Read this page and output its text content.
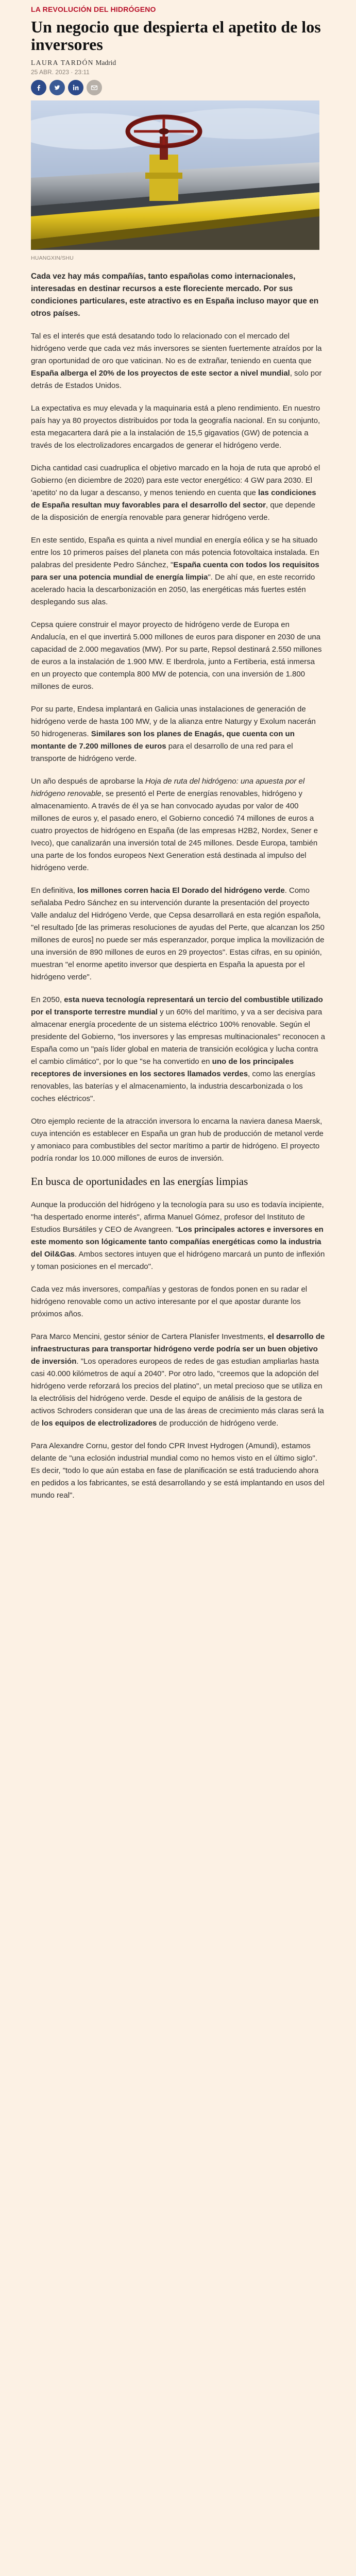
LA REVOLUCIÓN DEL HIDRÓGENO
Un negocio que despierta el apetito de los inversores
LAURA TARDÓN Madrid
25 ABR. 2023 · 23:11
HUANGXIN/SHU

Cada vez hay más compañías, tanto españolas como internacionales, interesadas en destinar recursos a este floreciente mercado. Por sus condiciones particulares, este atractivo es en España incluso mayor que en otros países.

Tal es el interés que está desatando todo lo relacionado con el mercado del hidrógeno verde que cada vez más inversores se sienten fuertemente atraídos por la gran oportunidad de oro que vaticinan. No es de extrañar, teniendo en cuenta que España alberga el 20% de los proyectos de este sector a nivel mundial, solo por detrás de Estados Unidos.

La expectativa es muy elevada y la maquinaria está a pleno rendimiento. En nuestro país hay ya 80 proyectos distribuidos por toda la geografía nacional. En su conjunto, esta megacartera dará pie a la instalación de 15,5 gigavatios (GW) de potencia a través de los electrolizadores encargados de generar el hidrógeno verde.

Dicha cantidad casi cuadruplica el objetivo marcado en la hoja de ruta que aprobó el Gobierno (en diciembre de 2020) para este vector energético: 4 GW para 2030. El 'apetito' no da lugar a descanso, y menos teniendo en cuenta que las condiciones de España resultan muy favorables para el desarrollo del sector, que depende de la disposición de energía renovable para generar hidrógeno verde.

En este sentido, España es quinta a nivel mundial en energía eólica y se ha situado entre los 10 primeros países del planeta con más potencia fotovoltaica instalada. En palabras del presidente Pedro Sánchez, "España cuenta con todos los requisitos para ser una potencia mundial de energía limpia". De ahí que, en este recorrido acelerado hacia la descarbonización en 2050, las energéticas más fuertes estén desplegando sus alas.

Cepsa quiere construir el mayor proyecto de hidrógeno verde de Europa en Andalucía, en el que invertirá 5.000 millones de euros para disponer en 2030 de una capacidad de 2.000 megavatios (MW). Por su parte, Repsol destinará 2.550 millones de euros a la instalación de 1.900 MW. E Iberdrola, junto a Fertiberia, está inmersa en un proyecto que contempla 800 MW de potencia, con una inversión de 1.800 millones de euros.

Por su parte, Endesa implantará en Galicia unas instalaciones de generación de hidrógeno verde de hasta 100 MW, y de la alianza entre Naturgy y Exolum nacerán 50 hidrogeneras. Similares son los planes de Enagás, que cuenta con un montante de 7.200 millones de euros para el desarrollo de una red para el transporte de hidrógeno verde.

Un año después de aprobarse la Hoja de ruta del hidrógeno: una apuesta por el hidrógeno renovable, se presentó el Perte de energías renovables, hidrógeno y almacenamiento. A través de él ya se han convocado ayudas por valor de 400 millones de euros y, el pasado enero, el Gobierno concedió 74 millones de euros a cuatro proyectos de hidrógeno en España (de las empresas H2B2, Nordex, Sener e Iveco), que canalizarán una inversión total de 245 millones. Desde Europa, también una parte de los fondos europeos Next Generation está destinada al impulso del hidrógeno verde.

En definitiva, los millones corren hacia El Dorado del hidrógeno verde. Como señalaba Pedro Sánchez en su intervención durante la presentación del proyecto Valle andaluz del Hidrógeno Verde, que Cepsa desarrollará en esta región española, "el resultado [de las primeras resoluciones de ayudas del Perte, que alcanzan los 250 millones de euros] no puede ser más esperanzador, porque implica la movilización de una inversión de 890 millones de euros en 29 proyectos". Estas cifras, en su opinión, muestran "el enorme apetito inversor que despierta en España la apuesta por el hidrógeno verde".

En 2050, esta nueva tecnología representará un tercio del combustible utilizado por el transporte terrestre mundial y un 60% del marítimo, y va a ser decisiva para almacenar energía procedente de un sistema eléctrico 100% renovable. Según el presidente del Gobierno, "los inversores y las empresas multinacionales" reconocen a España como un "país líder global en materia de transición ecológica y lucha contra el cambio climático", por lo que "se ha convertido en uno de los principales receptores de inversiones en los sectores llamados verdes, como las energías renovables, las baterías y el almacenamiento, la industria descarbonizada o los coches eléctricos".

Otro ejemplo reciente de la atracción inversora lo encarna la naviera danesa Maersk, cuya intención es establecer en España un gran hub de producción de metanol verde y amoniaco para combustibles del sector marítimo a partir de hidrógeno. El proyecto podría rondar los 10.000 millones de euros de inversión.

En busca de oportunidades en las energías limpias

Aunque la producción del hidrógeno y la tecnología para su uso es todavía incipiente, "ha despertado enorme interés", afirma Manuel Gómez, profesor del Instituto de Estudios Bursátiles y CEO de Avangreen. "Los principales actores e inversores en este momento son lógicamente tanto compañías energéticas como la industria del Oil&Gas. Ambos sectores intuyen que el hidrógeno marcará un punto de inflexión y toman posiciones en el mercado".

Cada vez más inversores, compañías y gestoras de fondos ponen en su radar el hidrógeno renovable como un activo interesante por el que apostar durante los próximos años.

Para Marco Mencini, gestor sénior de Cartera Planisfer Investments, el desarrollo de infraestructuras para transportar hidrógeno verde podría ser un buen objetivo de inversión. "Los operadores europeos de redes de gas estudian ampliarlas hasta casi 40.000 kilómetros de aquí a 2040". Por otro lado, "creemos que la adopción del hidrógeno verde reforzará los precios del platino", un metal precioso que se utiliza en la electrólisis del hidrógeno verde. Desde el equipo de análisis de la gestora de activos Schroders consideran que una de las áreas de crecimiento más claras será la de los equipos de electrolizadores de producción de hidrógeno verde.

Para Alexandre Cornu, gestor del fondo CPR Invest Hydrogen (Amundi), estamos delante de "una eclosión industrial mundial como no hemos visto en el último siglo". Es decir, "todo lo que aún estaba en fase de planificación se está traduciendo ahora en pedidos a los fabricantes, se está desarrollando y se está implantando en usos del mundo real".
